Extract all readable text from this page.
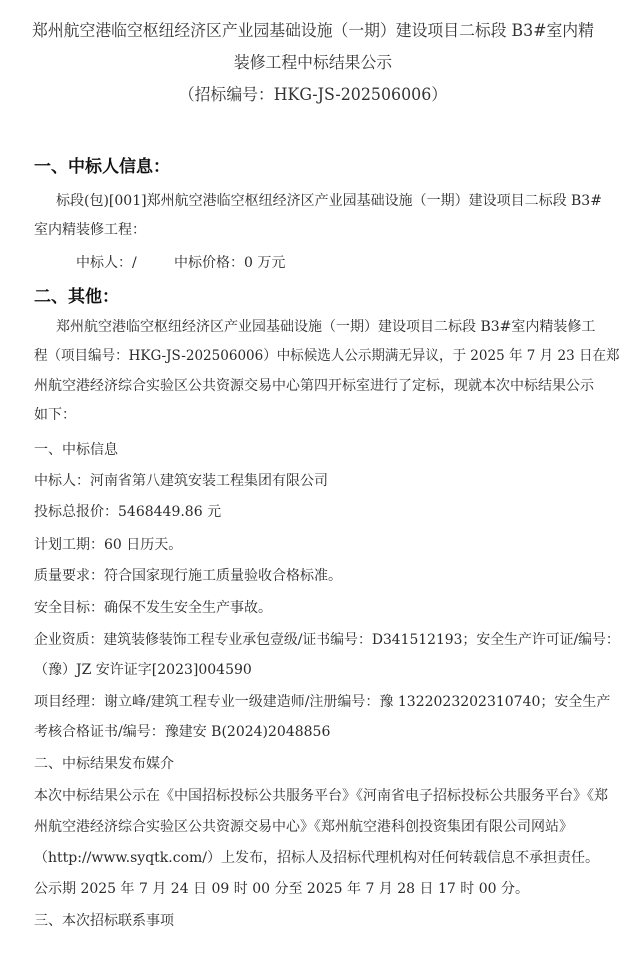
郑州航空港临空枢纽经济区产业园基础设施（一期）建设项目二标段 B3#室内精
装修工程中标结果公示
（招标编号：HKG-JS-202506006）
一、中标人信息：
标段(包)[001]郑州航空港临空枢纽经济区产业园基础设施（一期）建设项目二标段 B3#
室内精装修工程：
中标人：/	中标价格：0 万元
二、其他：
郑州航空港临空枢纽经济区产业园基础设施（一期）建设项目二标段 B3#室内精装修工
程（项目编号：HKG-JS-202506006）中标候选人公示期满无异议，于 2025 年 7 月 23 日在郑
州航空港经济综合实验区公共资源交易中心第四开标室进行了定标，现就本次中标结果公示
如下：
一、中标信息
中标人：河南省第八建筑安装工程集团有限公司
投标总报价：5468449.86 元
计划工期：60 日历天。
质量要求：符合国家现行施工质量验收合格标准。
安全目标：确保不发生安全生产事故。
企业资质：建筑装修装饰工程专业承包壹级/证书编号：D341512193；安全生产许可证/编号：
（豫）JZ 安许证字[2023]004590
项目经理：谢立峰/建筑工程专业一级建造师/注册编号：豫 1322023202310740；安全生产
考核合格证书/编号：豫建安 B(2024)2048856
二、中标结果发布媒介
本次中标结果公示在《中国招标投标公共服务平台》《河南省电子招标投标公共服务平台》《郑
州航空港经济综合实验区公共资源交易中心》《郑州航空港科创投资集团有限公司网站》
（http://www.syqtk.com/）上发布，招标人及招标代理机构对任何转载信息不承担责任。
公示期 2025 年 7 月 24 日 09 时 00 分至 2025 年 7 月 28 日 17 时 00 分。
三、本次招标联系事项
